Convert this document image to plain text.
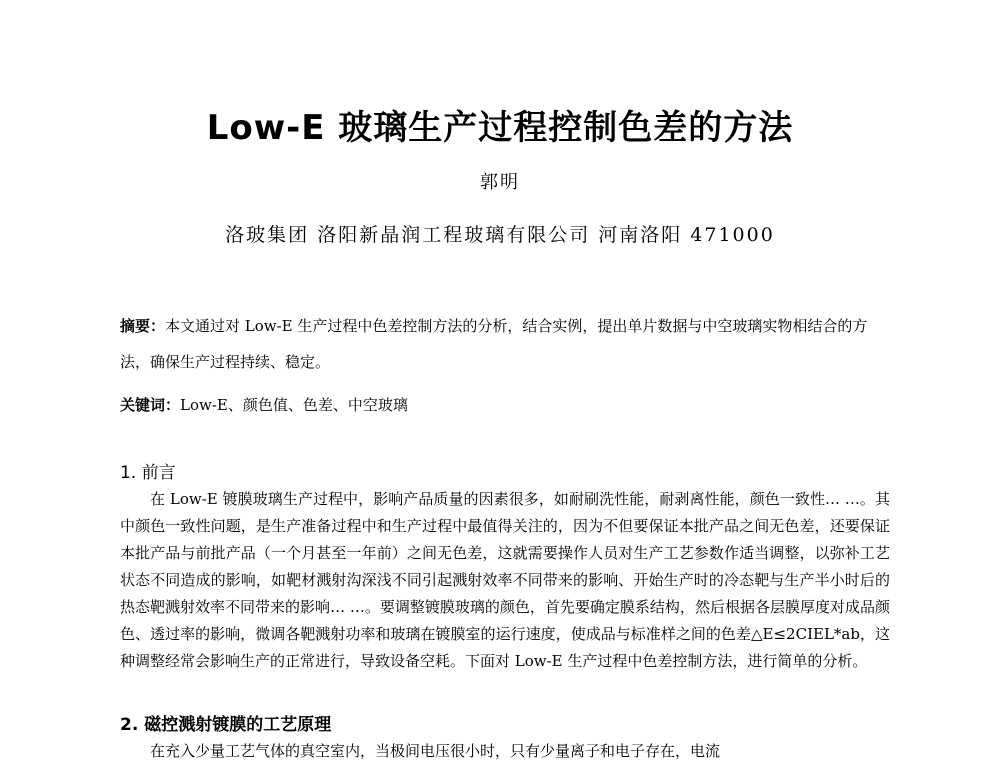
Low-E 玻璃生产过程控制色差的方法
郭明
洛玻集团 洛阳新晶润工程玻璃有限公司 河南洛阳 471000
摘要：本文通过对 Low-E 生产过程中色差控制方法的分析，结合实例，提出单片数据与中空玻璃实物相结合的方法，确保生产过程持续、稳定。
关键词：Low-E、颜色值、色差、中空玻璃
1. 前言
在 Low-E 镀膜玻璃生产过程中，影响产品质量的因素很多，如耐刷洗性能，耐剥离性能，颜色一致性… …。其中颜色一致性问题，是生产准备过程中和生产过程中最值得关注的，因为不但要保证本批产品之间无色差，还要保证本批产品与前批产品（一个月甚至一年前）之间无色差，这就需要操作人员对生产工艺参数作适当调整，以弥补工艺状态不同造成的影响，如靶材溅射沟深浅不同引起溅射效率不同带来的影响、开始生产时的冷态靶与生产半小时后的热态靶溅射效率不同带来的影响… …。要调整镀膜玻璃的颜色，首先要确定膜系结构，然后根据各层膜厚度对成品颜色、透过率的影响，微调各靶溅射功率和玻璃在镀膜室的运行速度，使成品与标准样之间的色差△E≤2CIEL*ab，这种调整经常会影响生产的正常进行，导致设备空耗。下面对 Low-E 生产过程中色差控制方法，进行简单的分析。
2. 磁控溅射镀膜的工艺原理
在充入少量工艺气体的真空室内，当极间电压很小时，只有少量离子和电子存在，电流
